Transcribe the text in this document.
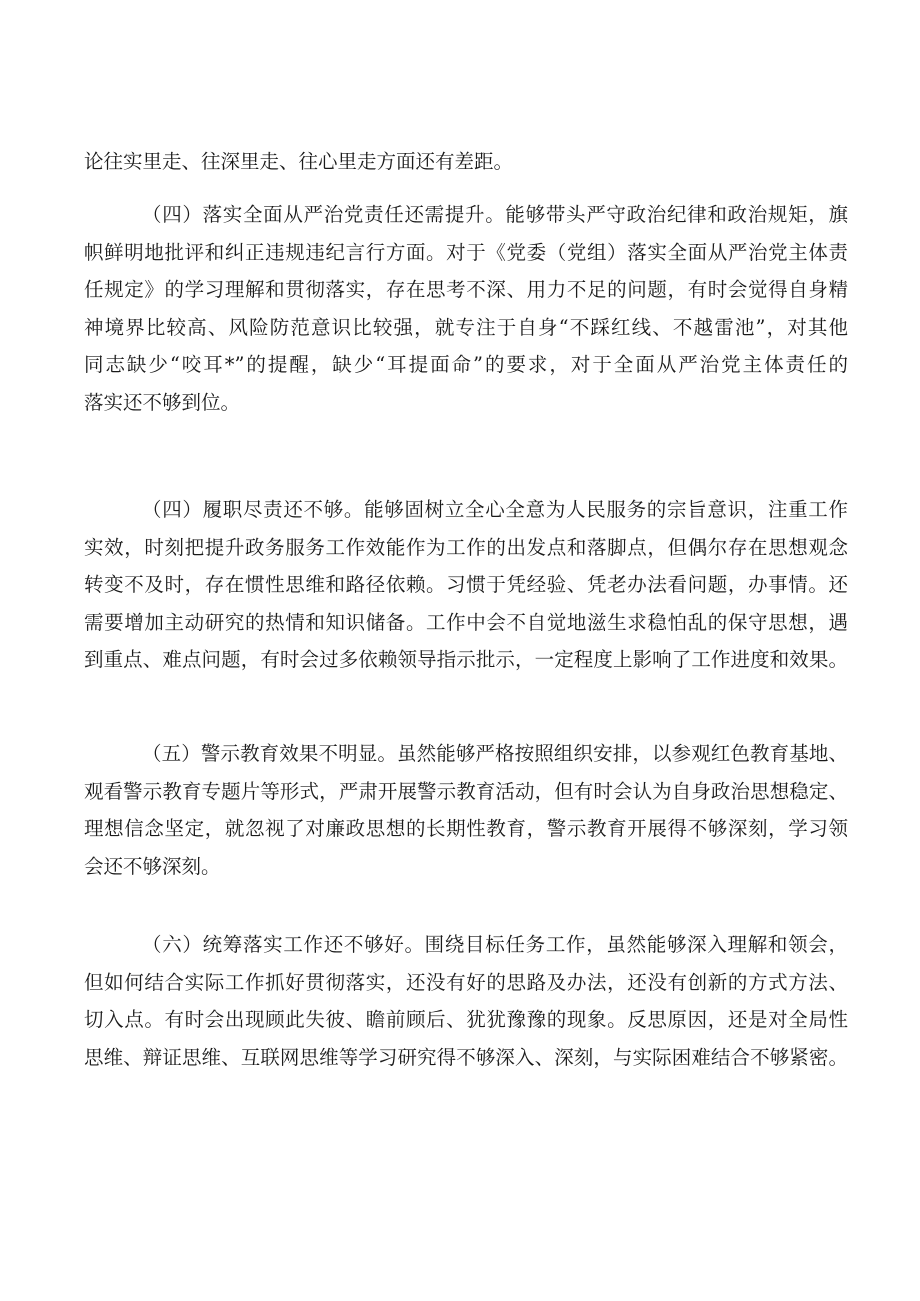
论往实里走、往深里走、往心里走方面还有差距。
（四）落实全面从严治党责任还需提升。能够带头严守政治纪律和政治规矩，旗
帜鲜明地批评和纠正违规违纪言行方面。对于《党委（党组）落实全面从严治党主体责
任规定》的学习理解和贯彻落实，存在思考不深、用力不足的问题，有时会觉得自身精
神境界比较高、风险防范意识比较强，就专注于自身“不踩红线、不越雷池”，对其他
同志缺少“咬耳*”的提醒，缺少“耳提面命”的要求，对于全面从严治党主体责任的
落实还不够到位。
（四）履职尽责还不够。能够固树立全心全意为人民服务的宗旨意识，注重工作
实效，时刻把提升政务服务工作效能作为工作的出发点和落脚点，但偶尔存在思想观念
转变不及时，存在惯性思维和路径依赖。习惯于凭经验、凭老办法看问题，办事情。还
需要增加主动研究的热情和知识储备。工作中会不自觉地滋生求稳怕乱的保守思想，遇
到重点、难点问题，有时会过多依赖领导指示批示，一定程度上影响了工作进度和效果。
（五）警示教育效果不明显。虽然能够严格按照组织安排，以参观红色教育基地、
观看警示教育专题片等形式，严肃开展警示教育活动，但有时会认为自身政治思想稳定、
理想信念坚定，就忽视了对廉政思想的长期性教育，警示教育开展得不够深刻，学习领
会还不够深刻。
（六）统筹落实工作还不够好。围绕目标任务工作，虽然能够深入理解和领会，
但如何结合实际工作抓好贯彻落实，还没有好的思路及办法，还没有创新的方式方法、
切入点。有时会出现顾此失彼、瞻前顾后、犹犹豫豫的现象。反思原因，还是对全局性
思维、辩证思维、互联网思维等学习研究得不够深入、深刻，与实际困难结合不够紧密。
